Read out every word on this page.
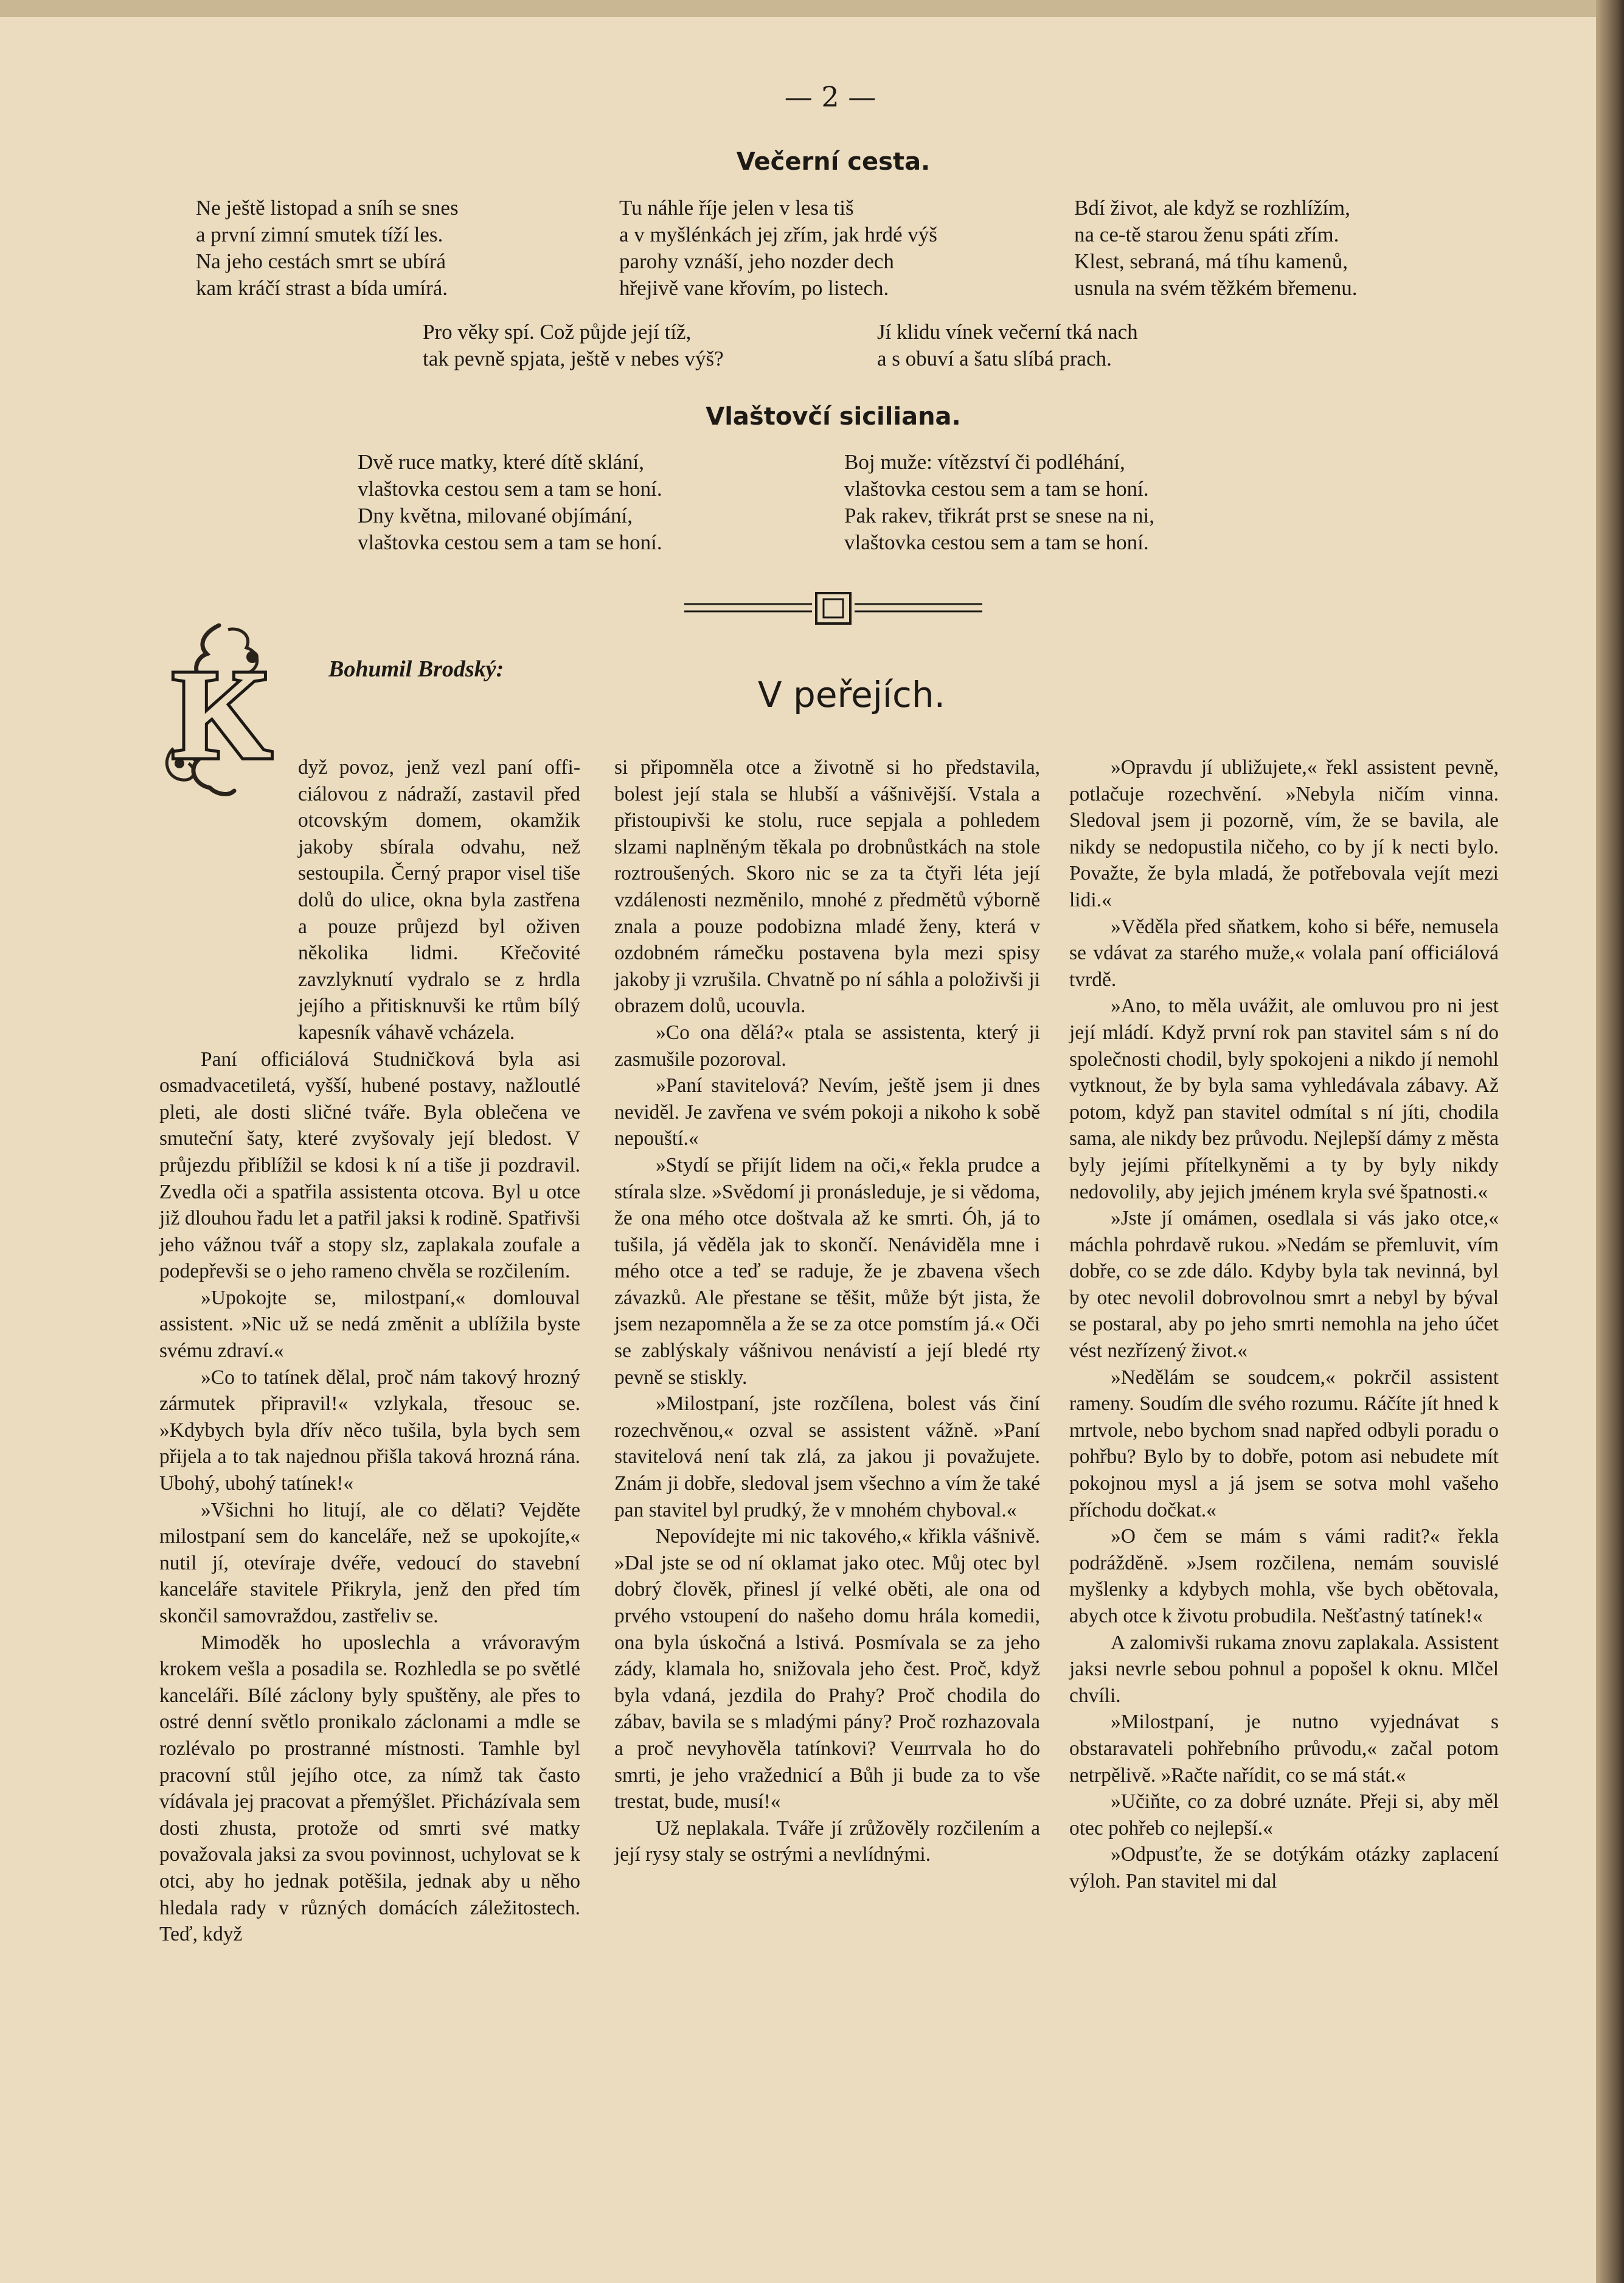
— 2 —
Večerní cesta.
Ne ještě listopad a sníh se snes
a první zimní smutek tíží les.
Na jeho cestách smrt se ubírá
kam kráčí strast a bída umírá.
Tu náhle říje jelen v lesa tiš
a v myšlénkách jej zřím, jak hrdé výš
parohy vznáší, jeho nozder dech
hřejivě vane křovím, po listech.
Bdí život, ale když se rozhlížím,
na ce-tě starou ženu spáti zřím.
Klest, sebraná, má tíhu kamenů,
usnula na svém těžkém břemenu.
Pro věky spí. Což půjde její tíž,
tak pevně spjata, ještě v nebes výš?
Jí klidu vínek večerní tká nach
a s obuví a šatu slíbá prach.
Vlaštovčí siciliana.
Dvě ruce matky, které dítě sklání,
vlaštovka cestou sem a tam se honí.
Dny května, milované objímání,
vlaštovka cestou sem a tam se honí.
Boj muže: vítězství či podléhání,
vlaštovka cestou sem a tam se honí.
Pak rakev, třikrát prst se snese na ni,
vlaštovka cestou sem a tam se honí.
Bohumil Brodský:
V peřejích.
K	dyž povoz, jenž vezl paní offi-ciálovou z nádraží, zastavil před otcovským domem, okamžik jakoby sbírala odvahu, než sestoupila. Černý prapor visel tiše dolů do ulice, okna byla zastřena a pouze průjezd byl oživen několika lidmi. Křečovité zavzlyknutí vydralo se z hrdla jejího a přitisknuvši ke rtům bílý kapesník váhavě vcházela.

Paní officiálová Studničková byla asi osmadvacetiletá, vyšší, hubené postavy, nažloutlé pleti, ale dosti sličné tváře. Byla oblečena ve smuteční šaty, které zvyšovaly její bledost. V průjezdu přiblížil se kdosi k ní a tiše ji pozdravil. Zvedla oči a spatřila assistenta otcova. Byl u otce již dlouhou řadu let a patřil jaksi k rodině. Spatřivši jeho vážnou tvář a stopy slz, zaplakala zoufale a podepřevši se o jeho rameno chvěla se rozčilením.

»Upokojte se, milostpaní,« domlouval assistent. »Nic už se nedá změnit a ublížila byste svému zdraví.«

»Co to tatínek dělal, proč nám takový hrozný zármutek připravil!« vzlykala, třesouc se. »Kdybych byla dřív něco tušila, byla bych sem přijela a to tak najednou přišla taková hrozná rána. Ubohý, ubohý tatínek!«

»Všichni ho litují, ale co dělati? Vejděte milostpaní sem do kanceláře, než se upokojíte,« nutil jí, otevíraje dvéře, vedoucí do stavební kanceláře stavitele Přikryla, jenž den před tím skončil samovraždou, zastřeliv se.

Mimoděk ho uposlechla a vrávoravým krokem vešla a posadila se. Rozhledla se po světlé kanceláři. Bílé záclony byly spuštěny, ale přes to ostré denní světlo pronikalo záclonami a mdle se rozlévalo po prostranné místnosti. Tamhle byl pracovní stůl jejího otce, za nímž tak často vídávala jej pracovat a přemýšlet. Přicházívala sem dosti zhusta, protože od smrti své matky považovala jaksi za svou povinnost, uchylovat se k otci, aby ho jednak potěšila, jednak aby u něho hledala rady v různých domácích záležitostech. Teď, když

si připomněla otce a životně si ho představila, bolest její stala se hlubší a vášnivější. Vstala a přistoupivši ke stolu, ruce sepjala a pohledem slzami naplněným těkala po drobnůstkách na stole roztroušených. Skoro nic se za ta čtyři léta její vzdálenosti nezměnilo, mnohé z předmětů výborně znala a pouze podobizna mladé ženy, která v ozdobném rámečku postavena byla mezi spisy jakoby ji vzrušila. Chvatně po ní sáhla a položivši ji obrazem dolů, ucouvla.

»Co ona dělá?« ptala se assistenta, který ji zasmušile pozoroval.

»Paní stavitelová? Nevím, ještě jsem ji dnes neviděl. Je zavřena ve svém pokoji a nikoho k sobě nepouští.«

»Stydí se přijít lidem na oči,« řekla prudce a stírala slze. »Svědomí ji pronásleduje, je si vědoma, že ona mého otce doštvala až ke smrti. Óh, já to tušila, já věděla jak to skončí. Nenáviděla mne i mého otce a teď se raduje, že je zbavena všech závazků. Ale přestane se těšit, může být jista, že jsem nezapomněla a že se za otce pomstím já.« Oči se zablýskaly vášnivou nenávistí a její bledé rty pevně se stiskly.

»Milostpaní, jste rozčílena, bolest vás činí rozechvěnou,« ozval se assistent vážně. »Paní stavitelová není tak zlá, za jakou ji považujete. Znám ji dobře, sledoval jsem všechno a vím že také pan stavitel byl prudký, že v mnohém chyboval.«

Nepovídejte mi nic takového,« křikla vášnivě. »Dal jste se od ní oklamat jako otec. Můj otec byl dobrý člověk, přinesl jí velké oběti, ale ona od prvého vstoupení do našeho domu hrála komedii, ona byla úskočná a lstivá. Posmívala se za jeho zády, klamala ho, snižovala jeho čest. Proč, když byla vdaná, jezdila do Prahy? Proč chodila do zábav, bavila se s mladými pány? Proč rozhazovala a proč nevyhověla tatínkovi? Vештvala ho do smrti, je jeho vražednicí a Bůh ji bude za to vše trestat, bude, musí!«

Už neplakala. Tváře jí zrůžověly rozčilením a její rysy staly se ostrými a nevlídnými.

»Opravdu jí ubližujete,« řekl assistent pevně, potlačuje rozechvění. »Nebyla ničím vinna. Sledoval jsem ji pozorně, vím, že se bavila, ale nikdy se nedopustila ničeho, co by jí k necti bylo. Považte, že byla mladá, že potřebovala vejít mezi lidi.«

»Věděla před sňatkem, koho si béře, nemusela se vdávat za starého muže,« volala paní officiálová tvrdě.

»Ano, to měla uvážit, ale omluvou pro ni jest její mládí. Když první rok pan stavitel sám s ní do společnosti chodil, byly spokojeni a nikdo jí nemohl vytknout, že by byla sama vyhledávala zábavy. Až potom, když pan stavitel odmítal s ní jíti, chodila sama, ale nikdy bez průvodu. Nejlepší dámy z města byly jejími přítelkyněmi a ty by byly nikdy nedovolily, aby jejich jménem kryla své špatnosti.«

»Jste jí omámen, osedlala si vás jako otce,« máchla pohrdavě rukou. »Nedám se přemluvit, vím dobře, co se zde dálo. Kdyby byla tak nevinná, byl by otec nevolil dobrovolnou smrt a nebyl by býval se postaral, aby po jeho smrti nemohla na jeho účet vést nezřízený život.«

»Nedělám se soudcem,« pokrčil assistent rameny. Soudím dle svého rozumu. Ráčíte jít hned k mrtvole, nebo bychom snad napřed odbyli poradu o pohřbu? Bylo by to dobře, potom asi nebudete mít pokojnou mysl a já jsem se sotva mohl vašeho příchodu dočkat.«

»O čem se mám s vámi radit?« řekla podrážděně. »Jsem rozčilena, nemám souvislé myšlenky a kdybych mohla, vše bych obětovala, abych otce k životu probudila. Nešťastný tatínek!«

A zalomivši rukama znovu zaplakala. Assistent jaksi nevrle sebou pohnul a popošel k oknu. Mlčel chvíli.

»Milostpaní, je nutno vyjednávat s obstaravateli pohřebního průvodu,« začal potom netrpělivě. »Račte nařídit, co se má stát.«

»Učiňte, co za dobré uznáte. Přeji si, aby měl otec pohřeb co nejlepší.«

»Odpusťte, že se dotýkám otázky zaplacení výloh. Pan stavitel mi dal
